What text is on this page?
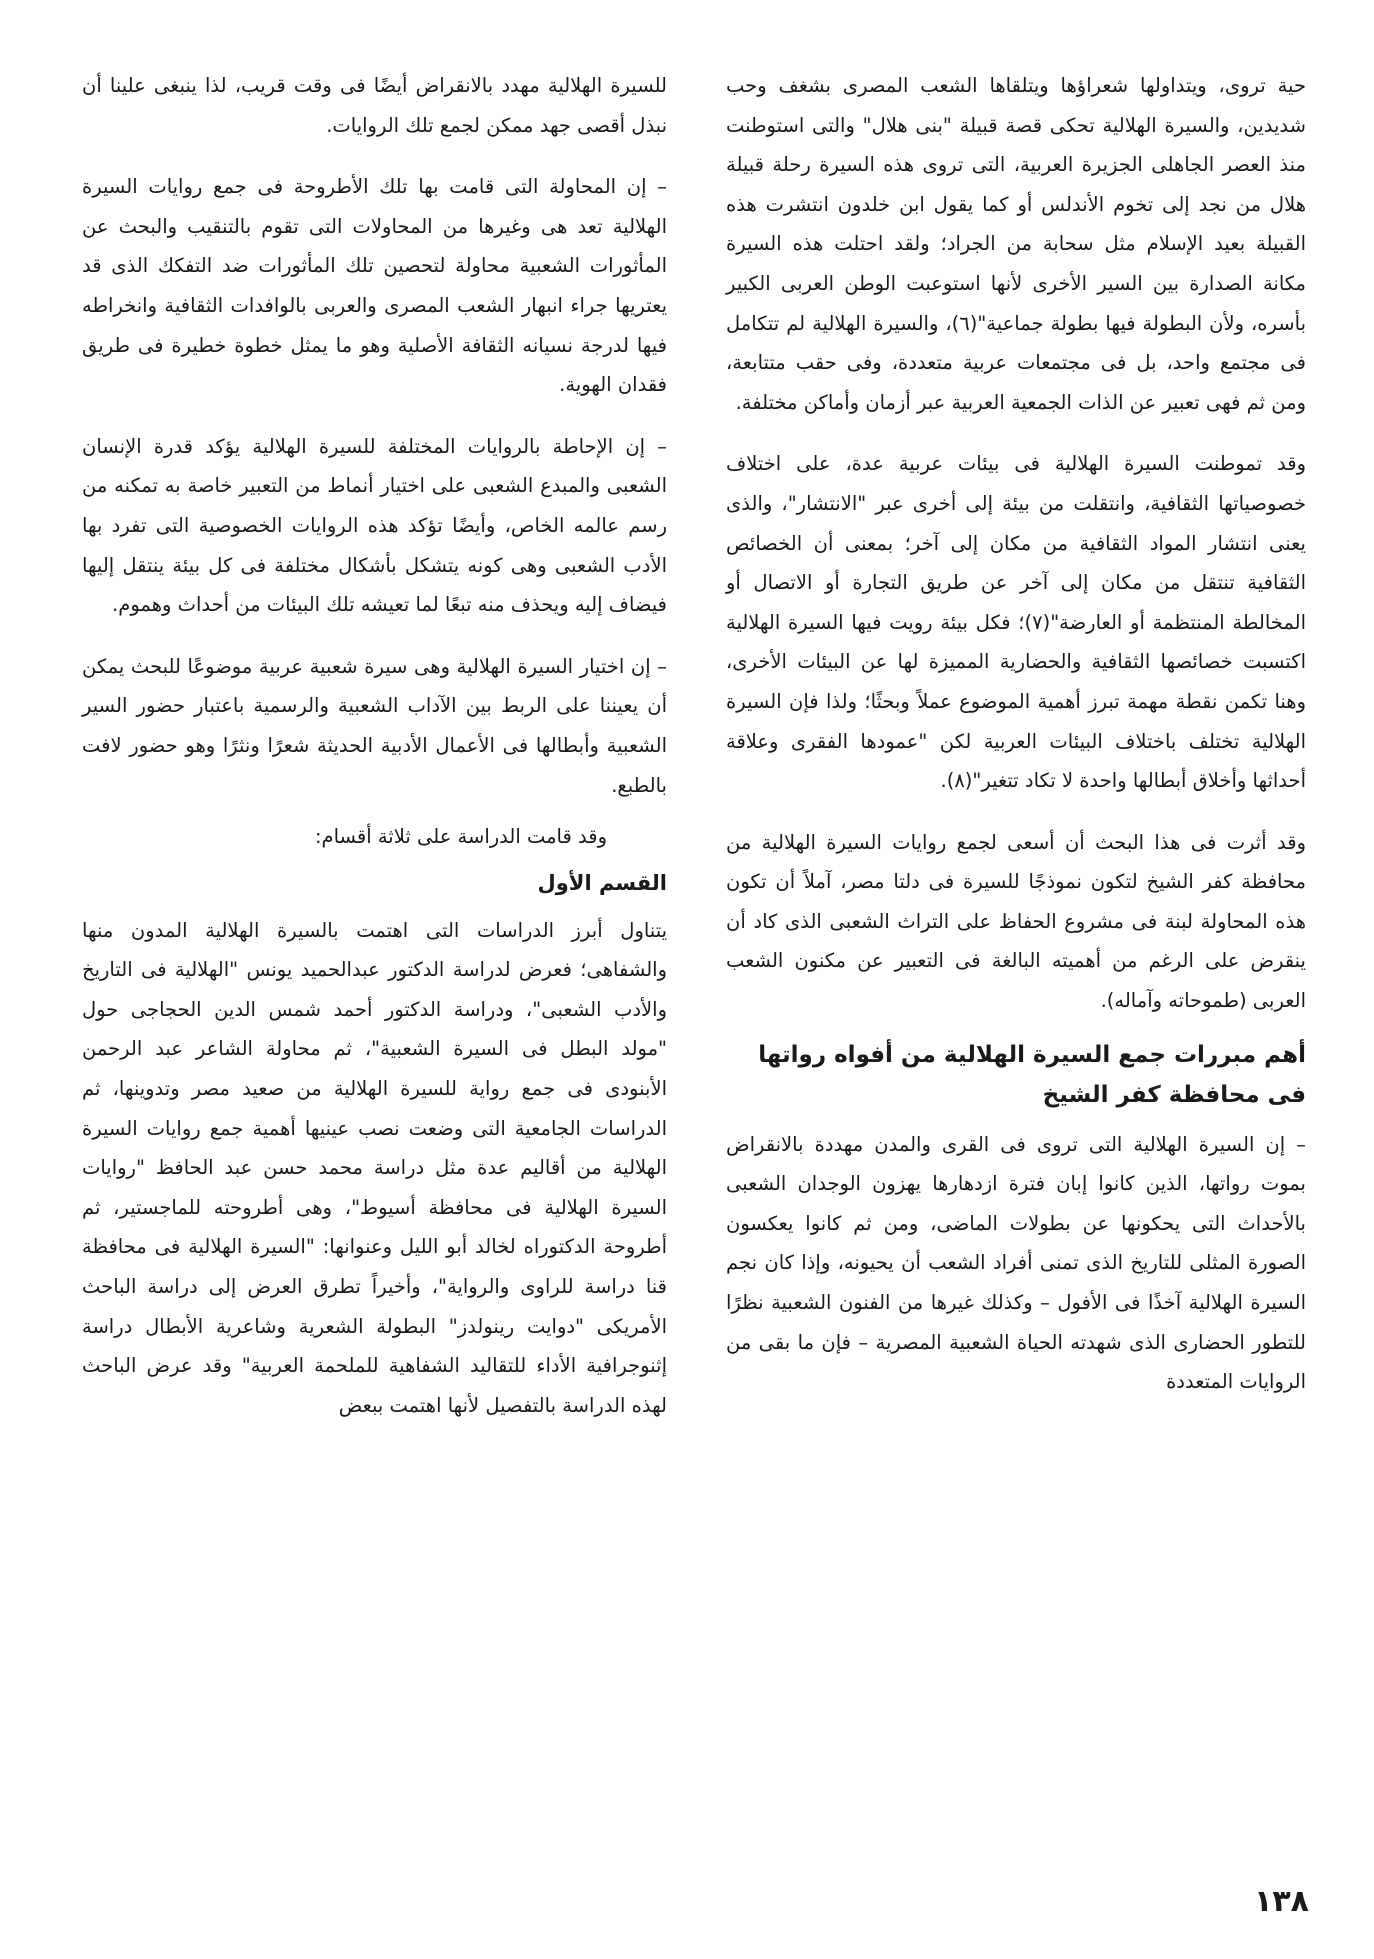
حية تروى، ويتداولها شعراؤها ويتلقاها الشعب المصرى بشغف وحب شديدين، والسيرة الهلالية تحكى قصة قبيلة "بنى هلال" والتى استوطنت منذ العصر الجاهلى الجزيرة العربية، التى تروى هذه السيرة رحلة قبيلة هلال من نجد إلى تخوم الأندلس أو كما يقول ابن خلدون انتشرت هذه القبيلة بعيد الإسلام مثل سحابة من الجراد؛ ولقد احتلت هذه السيرة مكانة الصدارة بين السير الأخرى لأنها استوعبت الوطن العربى الكبير بأسره، ولأن البطولة فيها بطولة جماعية"(٦)، والسيرة الهلالية لم تتكامل فى مجتمع واحد، بل فى مجتمعات عربية متعددة، وفى حقب متتابعة، ومن ثم فهى تعبير عن الذات الجمعية العربية عبر أزمان وأماكن مختلفة.

وقد تموطنت السيرة الهلالية فى بيئات عربية عدة، على اختلاف خصوصياتها الثقافية، وانتقلت من بيئة إلى أخرى عبر "الانتشار"، والذى يعنى انتشار المواد الثقافية من مكان إلى آخر؛ بمعنى أن الخصائص الثقافية تنتقل من مكان إلى آخر عن طريق التجارة أو الاتصال أو المخالطة المنتظمة أو العارضة"(٧)؛ فكل بيئة رويت فيها السيرة الهلالية اكتسبت خصائصها الثقافية والحضارية المميزة لها عن البيئات الأخرى، وهنا تكمن نقطة مهمة تبرز أهمية الموضوع عملاً وبحثًا؛ ولذا فإن السيرة الهلالية تختلف باختلاف البيئات العربية لكن "عمودها الفقرى وعلاقة أحداثها وأخلاق أبطالها واحدة لا تكاد تتغير"(٨).

وقد أثرت فى هذا البحث أن أسعى لجمع روايات السيرة الهلالية من محافظة كفر الشيخ لتكون نموذجًا للسيرة فى دلتا مصر، آملاً أن تكون هذه المحاولة لبنة فى مشروع الحفاظ على التراث الشعبى الذى كاد أن ينقرض على الرغم من أهميته البالغة فى التعبير عن مكنون الشعب العربى (طموحاته وآماله).

أهم مبررات جمع السيرة الهلالية من أفواه رواتها فى محافظة كفر الشيخ

– إن السيرة الهلالية التى تروى فى القرى والمدن مهددة بالانقراض بموت رواتها، الذين كانوا إبان فترة ازدهارها يهزون الوجدان الشعبى بالأحداث التى يحكونها عن بطولات الماضى، ومن ثم كانوا يعكسون الصورة المثلى للتاريخ الذى تمنى أفراد الشعب أن يحيونه، وإذا كان نجم السيرة الهلالية آخذًا فى الأفول – وكذلك غيرها من الفنون الشعبية نظرًا للتطور الحضارى الذى شهدته الحياة الشعبية المصرية – فإن ما بقى من الروايات المتعددة

للسيرة الهلالية مهدد بالانقراض أيضًا فى وقت قريب، لذا ينبغى علينا أن نبذل أقصى جهد ممكن لجمع تلك الروايات.

– إن المحاولة التى قامت بها تلك الأطروحة فى جمع روايات السيرة الهلالية تعد هى وغيرها من المحاولات التى تقوم بالتنقيب والبحث عن المأثورات الشعبية محاولة لتحصين تلك المأثورات ضد التفكك الذى قد يعتريها جراء انبهار الشعب المصرى والعربى بالوافدات الثقافية وانخراطه فيها لدرجة نسيانه الثقافة الأصلية وهو ما يمثل خطوة خطيرة فى طريق فقدان الهوية.

– إن الإحاطة بالروايات المختلفة للسيرة الهلالية يؤكد قدرة الإنسان الشعبى والمبدع الشعبى على اختيار أنماط من التعبير خاصة به تمكنه من رسم عالمه الخاص، وأيضًا تؤكد هذه الروايات الخصوصية التى تفرد بها الأدب الشعبى وهى كونه يتشكل بأشكال مختلفة فى كل بيئة ينتقل إليها فيضاف إليه ويحذف منه تبعًا لما تعيشه تلك البيئات من أحداث وهموم.

– إن اختيار السيرة الهلالية وهى سيرة شعبية عربية موضوعًا للبحث يمكن أن يعيننا على الربط بين الآداب الشعبية والرسمية باعتبار حضور السير الشعبية وأبطالها فى الأعمال الأدبية الحديثة شعرًا ونثرًا وهو حضور لافت بالطبع.

وقد قامت الدراسة على ثلاثة أقسام:

القسم الأول

يتناول أبرز الدراسات التى اهتمت بالسيرة الهلالية المدون منها والشفاهى؛ فعرض لدراسة الدكتور عبدالحميد يونس "الهلالية فى التاريخ والأدب الشعبى"، ودراسة الدكتور أحمد شمس الدين الحجاجى حول "مولد البطل فى السيرة الشعبية"، ثم محاولة الشاعر عبد الرحمن الأبنودى فى جمع رواية للسيرة الهلالية من صعيد مصر وتدوينها، ثم الدراسات الجامعية التى وضعت نصب عينيها أهمية جمع روايات السيرة الهلالية من أقاليم عدة مثل دراسة محمد حسن عبد الحافظ "روايات السيرة الهلالية فى محافظة أسيوط"، وهى أطروحته للماجستير، ثم أطروحة الدكتوراه لخالد أبو الليل وعنوانها: "السيرة الهلالية فى محافظة قنا دراسة للراوى والرواية"، وأخيراً تطرق العرض إلى دراسة الباحث الأمريكى "دوايت رينولدز" البطولة الشعرية وشاعرية الأبطال دراسة إثنوجرافية الأداء للتقاليد الشفاهية للملحمة العربية" وقد عرض الباحث لهذه الدراسة بالتفصيل لأنها اهتمت ببعض

١٣٨
